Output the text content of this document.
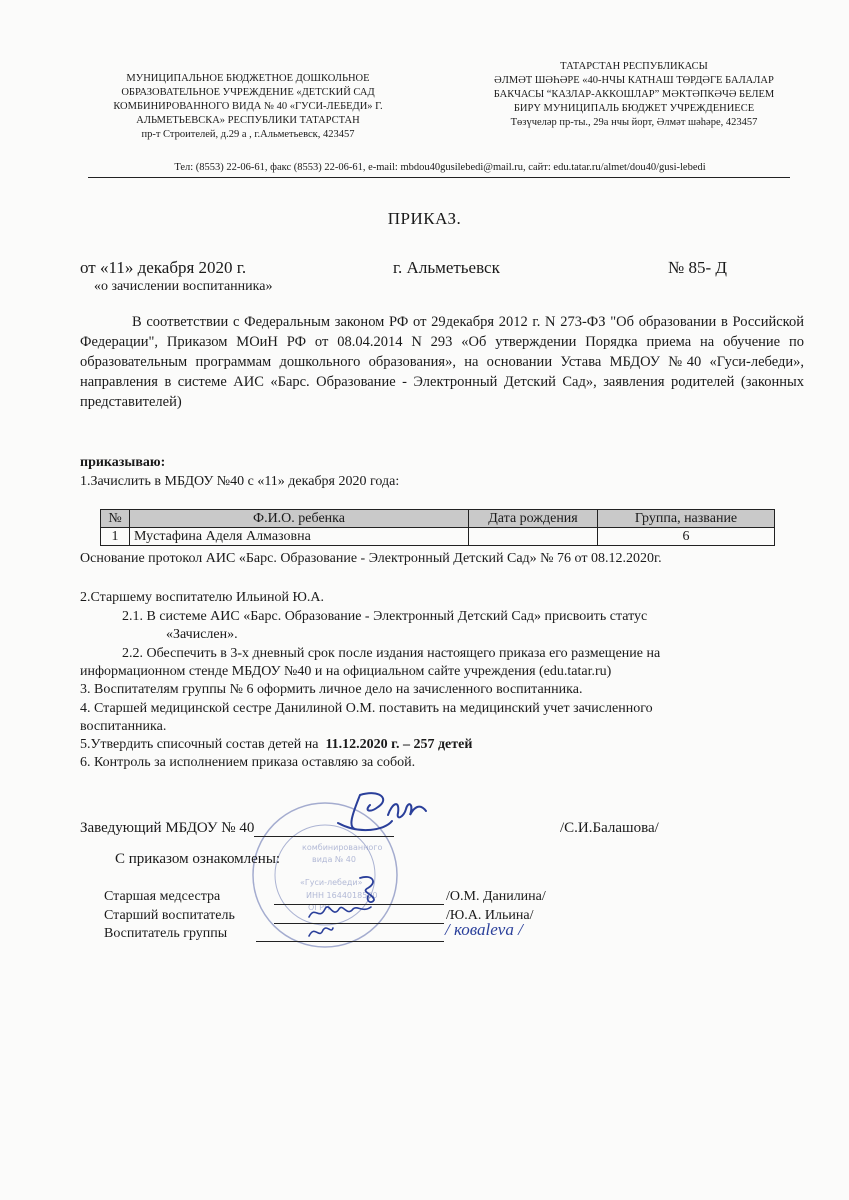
МУНИЦИПАЛЬНОЕ БЮДЖЕТНОЕ ДОШКОЛЬНОЕ
ОБРАЗОВАТЕЛЬНОЕ УЧРЕЖДЕНИЕ «ДЕТСКИЙ САД
КОМБИНИРОВАННОГО ВИДА № 40 «ГУСИ-ЛЕБЕДИ» Г.
АЛЬМЕТЬЕВСКА» РЕСПУБЛИКИ ТАТАРСТАН
пр-т Строителей, д.29 а , г.Альметьевск, 423457
ТАТАРСТАН РЕСПУБЛИКАСЫ
ӘЛМӘТ ШӘҺӘРЕ «40-НЧЫ КАТНАШ ТӨРДӘГЕ БАЛАЛАР
БАКЧАСЫ “КАЗЛАР-АККОШЛАР” МӘКТӘПКӘЧӘ БЕЛЕМ
БИРҮ МУНИЦИПАЛЬ БЮДЖЕТ УЧРЕЖДЕНИЕСЕ
Төзүчеләр пр-ты., 29а нчы йорт, Әлмәт шәһәре, 423457
Тел: (8553) 22-06-61, факс (8553) 22-06-61, e-mail: mbdou40gusilebedi@mail.ru, сайт: edu.tatar.ru/almet/dou40/gusi-lebedi
ПРИКАЗ.
от «11» декабря 2020 г.	г. Альметьевск	№ 85- Д
«о зачислении воспитанника»
В соответствии с Федеральным законом РФ от 29декабря 2012 г. N 273-ФЗ "Об образовании в Российской Федерации", Приказом МОиН РФ от 08.04.2014 N 293 «Об утверждении Порядка приема на обучение по образовательным программам дошкольного образования», на основании Устава МБДОУ №40 «Гуси-лебеди», направления в системе АИС «Барс. Образование - Электронный Детский Сад», заявления родителей (законных представителей)
приказываю:
1.Зачислить в МБДОУ №40 с «11» декабря 2020 года:
№	Ф.И.О. ребенка	Дата рождения	Группа, название
1	Мустафина Аделя Алмазовна		6
Основание протокол АИС «Барс. Образование - Электронный Детский Сад» № 76 от 08.12.2020г.
2.Старшему воспитателю Ильиной Ю.А.
2.1. В системе АИС «Барс. Образование - Электронный Детский Сад» присвоить статус
«Зачислен».
2.2. Обеспечить в 3-х дневный срок после издания настоящего приказа его размещение на
информационном стенде МБДОУ №40 и на официальном сайте учреждения (edu.tatar.ru)
3. Воспитателям группы № 6 оформить личное дело на зачисленного воспитанника.
4. Старшей медицинской сестре Данилиной О.М. поставить на медицинский учет зачисленного
воспитанника.
5.Утвердить списочный состав детей на 11.12.2020 г. – 257 детей
6. Контроль за исполнением приказа оставляю за собой.
комбинированного
вида № 40
«Гуси-лебеди»
ИНН 1644018500
ОГРН
Заведующий МБДОУ № 40	/С.И.Балашова/
С приказом ознакомлены:
Старшая медсестра	/О.М. Данилина/
Старший воспитатель	/Ю.А. Ильина/
Воспитатель группы	/ коваleva /
